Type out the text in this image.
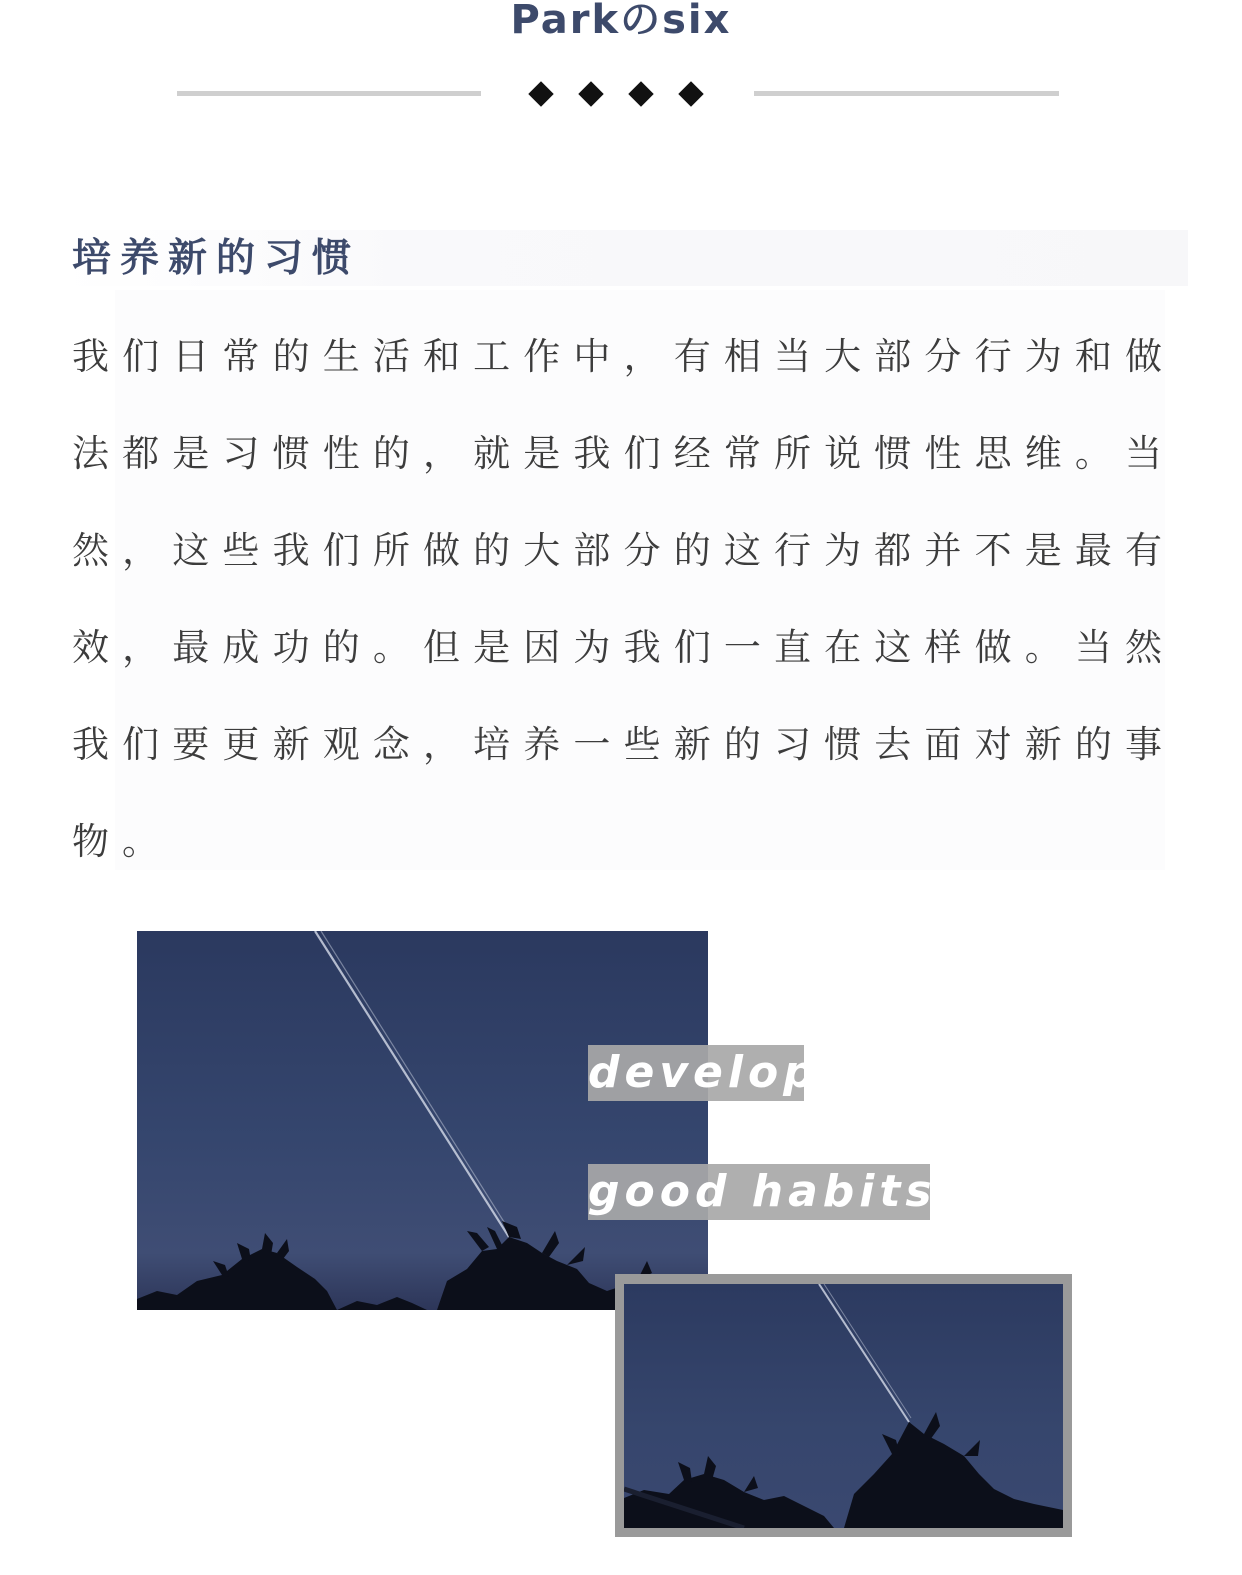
Parkのsix
培养新的习惯
我们日常的生活和工作中，有相当大部分行为和做
法都是习惯性的，就是我们经常所说惯性思维。当
然，这些我们所做的大部分的这行为都并不是最有
效，最成功的。但是因为我们一直在这样做。当然
我们要更新观念，培养一些新的习惯去面对新的事
物。
develop
good habits
